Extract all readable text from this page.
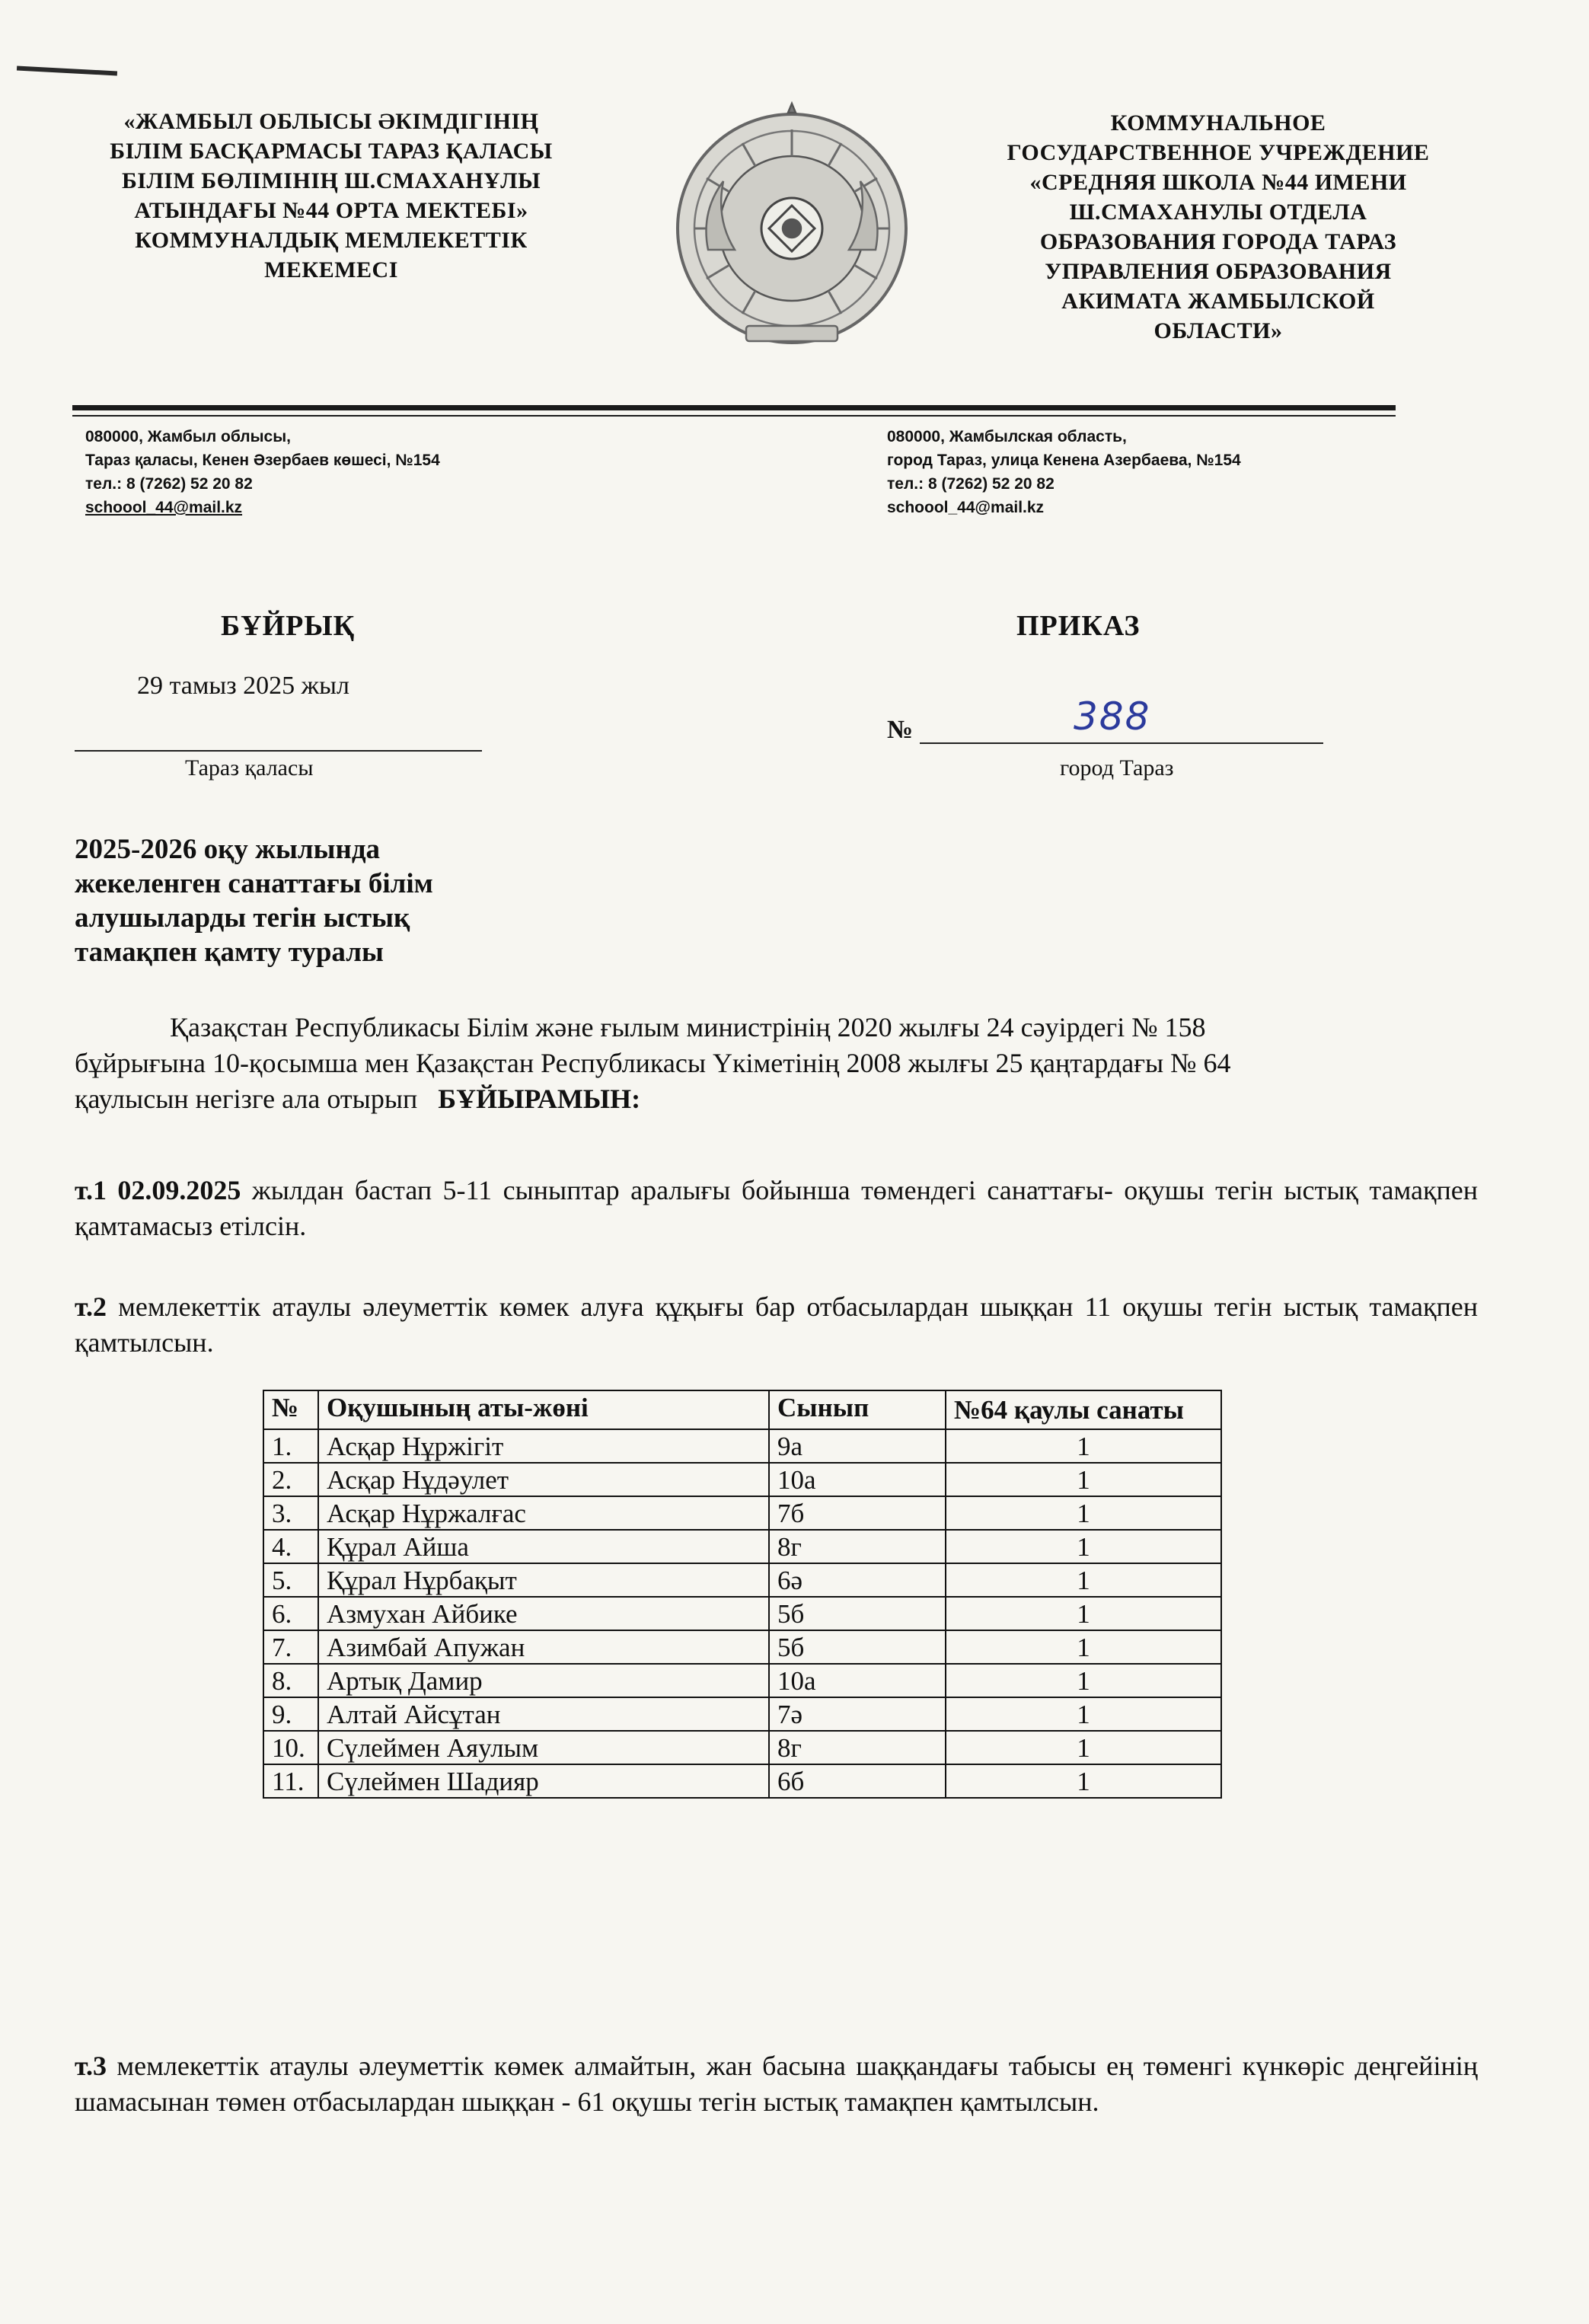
«ЖАМБЫЛ ОБЛЫСЫ ӘКІМДІГІНІҢ
БІЛІМ БАСҚАРМАСЫ ТАРАЗ ҚАЛАСЫ
БІЛІМ БӨЛІМІНІҢ Ш.СМАХАНҰЛЫ
АТЫНДАҒЫ №44 ОРТА МЕКТЕБІ»
КОММУНАЛДЫҚ МЕМЛЕКЕТТІК
МЕКЕМЕСІ
КОММУНАЛЬНОЕ
ГОСУДАРСТВЕННОЕ УЧРЕЖДЕНИЕ
«СРЕДНЯЯ ШКОЛА №44 ИМЕНИ
Ш.СМАХАНУЛЫ ОТДЕЛА
ОБРАЗОВАНИЯ ГОРОДА ТАРАЗ
УПРАВЛЕНИЯ ОБРАЗОВАНИЯ
АКИМАТА ЖАМБЫЛСКОЙ
ОБЛАСТИ»
080000, Жамбыл облысы,
Тараз қаласы, Кенен Әзербаев көшесі, №154
тел.: 8 (7262) 52 20 82
schoool_44@mail.kz
080000, Жамбылская область,
город Тараз, улица Кенена Азербаева, №154
тел.: 8 (7262) 52 20 82
schoool_44@mail.kz
БҰЙРЫҚ	ПРИКАЗ
29 тамыз 2025 жыл
№	388
Тараз қаласы	город Тараз
2025-2026 оқу жылында
жекеленген санаттағы білім
алушыларды тегін ыстық
тамақпен қамту туралы
Қазақстан Республикасы Білім және ғылым министрінің 2020 жылғы 24 сәуірдегі № 158
бұйрығына 10-қосымша мен Қазақстан Республикасы Үкіметінің 2008 жылғы 25 қаңтардағы № 64
қаулысын негізге ала отырып БҰЙЫРАМЫН:
т.1 02.09.2025 жылдан бастап 5-11 сыныптар аралығы бойынша төмендегі санаттағы- оқушы тегін ыстық тамақпен қамтамасыз етілсін.
т.2 мемлекеттік атаулы әлеуметтік көмек алуға құқығы бар отбасылардан шыққан 11 оқушы тегін ыстық тамақпен қамтылсын.
№	Оқушының аты-жөні	Сынып	№64 қаулы санаты
1.	Асқар Нұржігіт	9а	1
2.	Асқар Нұдәулет	10а	1
3.	Асқар Нұржалғас	7б	1
4.	Құрал Айша	8г	1
5.	Құрал Нұрбақыт	6ә	1
6.	Азмухан Айбике	5б	1
7.	Азимбай Апужан	5б	1
8.	Артық Дамир	10а	1
9.	Алтай Айсұтан	7ә	1
10.	Сүлеймен Аяулым	8г	1
11.	Сүлеймен Шадияр	6б	1
т.3 мемлекеттік атаулы әлеуметтік көмек алмайтын, жан басына шаққандағы табысы ең төменгі күнкөріс деңгейінің шамасынан төмен отбасылардан шыққан - 61 оқушы тегін ыстық тамақпен қамтылсын.
